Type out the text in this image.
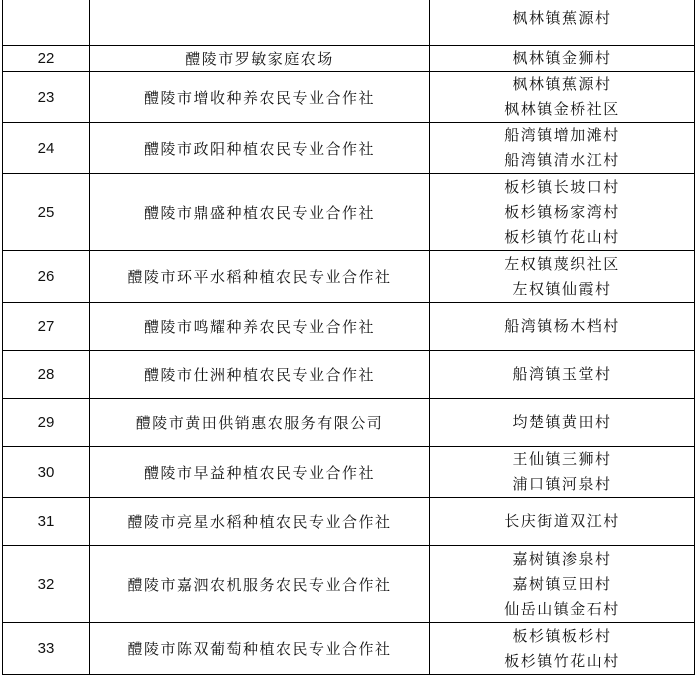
		枫林镇蕉源村

22	醴陵市罗敏家庭农场	枫林镇金狮村

23	醴陵市增收种养农民专业合作社	枫林镇蕉源村
枫林镇金桥社区

24	醴陵市政阳种植农民专业合作社	船湾镇增加滩村
船湾镇清水江村

25	醴陵市鼎盛种植农民专业合作社	板杉镇长坡口村
板杉镇杨家湾村
板杉镇竹花山村

26	醴陵市环平水稻种植农民专业合作社	左权镇蔑织社区
左权镇仙霞村

27	醴陵市鸣耀种养农民专业合作社	船湾镇杨木档村

28	醴陵市仕洲种植农民专业合作社	船湾镇玉堂村

29	醴陵市黄田供销惠农服务有限公司	均楚镇黄田村

30	醴陵市早益种植农民专业合作社	王仙镇三狮村
浦口镇河泉村

31	醴陵市亮星水稻种植农民专业合作社	长庆街道双江村

32	醴陵市嘉泗农机服务农民专业合作社	嘉树镇渗泉村
嘉树镇豆田村
仙岳山镇金石村

33	醴陵市陈双葡萄种植农民专业合作社	板杉镇板杉村
板杉镇竹花山村
